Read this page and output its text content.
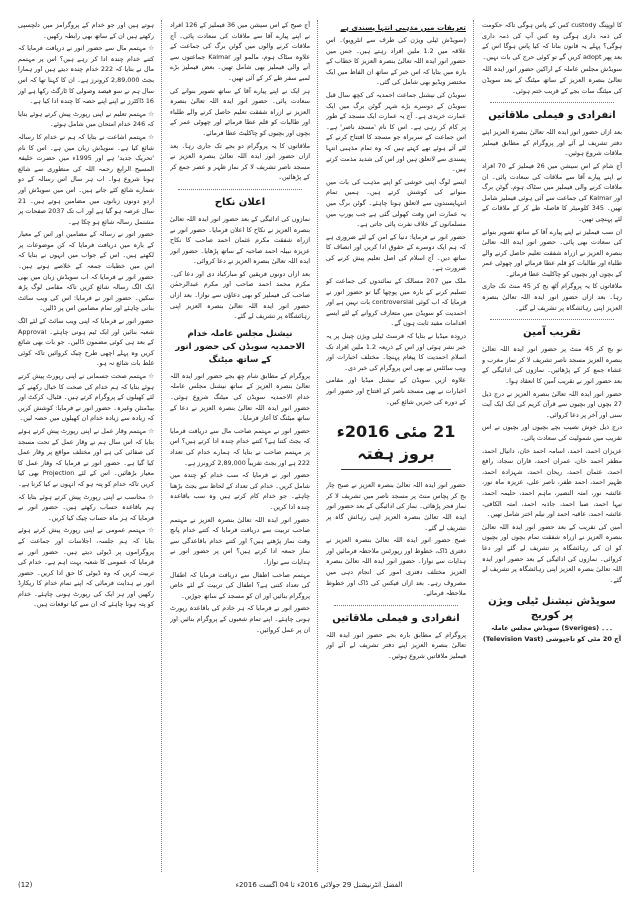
کا اوپنِنگ custody کس کے پاس ہوگی تاکہ حکومت کی ذمہ داری ہوگی وہ کس آپ کی ذمہ داری ہوگی؟ پہلے یہ قانون بنانا کہ کیا پاس ہوگا اس کے بعد پھر adopt کریں گے تو کوئی حرج کی بات نہیں۔

سویڈش مجلس عاملہ کے اراکین حضور انور ایدہ اللہ تعالیٰ بنصرہ العزیز کے ساتھ میٹنگ کے بعد سویڈن کی میٹنگ سات بجے کے قریب ختم ہوئی۔

انفرادی و فیملی ملاقاتیں

بعد ازاں حضور انور ایدہ اللہ تعالیٰ بنصرہ العزیز اپنے دفتر تشریف لے آئے اور پروگرام کے مطابق فیملیز ملاقات شروع ہوئیں۔

آج شام کے اس سیشن میں 26 فیملیز کے 70 افراد نے اپنے پیارے آقا سے ملاقات کی سعادت پائی۔ ان ملاقات کرنے والی فیملیز میں سٹاک ہوم، گوٹن برگ اور Kalmar کی جماعت سے آئی ہوئی فیملیز شامل تھیں۔ 345 کلومیٹر کا فاصلہ طے کر کے ملاقات کے لئے پہنچی تھیں۔

ان سب فیملیز نے اپنے پیارے آقا کے ساتھ تصویر بنوانے کی سعادت بھی پائی۔ حضور انور ایدہ اللہ تعالیٰ بنصرہ العزیز نے ازراہ شفقت تعلیم حاصل کرنے والے طلباء اور طالبات کو قلم عطا فرمائے اور چھوٹی عمر کے بچوں اور بچیوں کو چاکلیٹ عطا فرمائے۔

ملاقاتوں کا یہ پروگرام آٹھ بج کر 45 منٹ تک جاری رہا۔ بعد ازاں حضور انور ایدہ اللہ تعالیٰ بنصرہ العزیز اپنی رہائشگاہ پر تشریف لے گئے۔

تقریب آمین

نو بج کر 45 منٹ پر حضور انور ایدہ اللہ تعالیٰ بنصرہ العزیز مسجد ناصر تشریف لا کر نماز مغرب و عشاء جمع کر کے پڑھائیں۔ نمازوں کی ادائیگی کے بعد حضور انور نے تقریب آمین کا انعقاد ہوا۔

حضور انور ایدہ اللہ تعالیٰ بنصرہ العزیز نے درج ذیل 27 بچوں اور بچیوں سے قرآن کریم کی ایک ایک آیت سنی اور آخر پر دعا کروائی۔

درج ذیل خوش نصیب بچے بچیوں اور بچیوں نے اس تقریب میں شمولیت کی سعادت پائی۔

عزیزان احمد، احمد، اسامہ احمد خان، دانیال احمد، مظفر احمد خان، عمران احمد، فاران سجاد، رافع احمد، عثمان احمد، ریحان احمد، شہزادہ احمد، ظہیر احمد، احمد ظفر، ناصر علی، عزیزہ ماہ نور، عائشہ نور، امتہ النصیر، ماہم احمد، حلیمہ احمد، نیہا احمد، صبا احمد، جاذبہ احمد، امتہ الکافی، عائشہ احمد، عاقبہ احمد اور نیلم اختر شامل تھیں۔

آمین کی تقریب کے بعد حضور انور ایدہ اللہ تعالیٰ بنصرہ العزیز نے ازراہ شفقت تمام بچوں اور بچیوں کو ان کی رہائشگاہ پر تشریف لے گئے اور دعا کروائی۔ نمازوں کی ادائیگی کے بعد حضور انور ایدہ اللہ تعالیٰ بنصرہ العزیز اپنی رہائشگاہ پر تشریف لے گئے۔

سویڈش نیشنل ٹیلی ویژن پر کوریج
سویڈش مجلس عاملہ (Sveriges) ۔۔۔
(Television Vast) آج 20 مئی کو تاجپوشی
تعریفات میں مذہبی انتہا پسندی ہے

(سویڈش ٹیلی ویژن کی طرف سے انٹرویو)۔ اس علاقہ میں 1.2 ملین افراد رہتے ہیں۔ جس میں حضور انور ایدہ اللہ تعالیٰ بنصرہ العزیز کا خطاب کے بارہ میں بتایا کہ اس خبر کے ساتھ ان الفاظ میں ایک مختصر ویڈیو بھی شامل کی گئی۔

سویڈن کی نیشنل جماعت احمدیہ کی کچھ سال قبل سویڈن کے دوسرے بڑے شہر گوٹن برگ میں ایک عمارت خریدی ہے۔ آج یہ عمارت ایک مسجد کے طور پر کام کر رہی ہے۔ اس کا نام 'مسجد ناصر' ہے۔ اس جماعت کے سربراہ جو مسجد کا افتتاح کرنے کے لئے آئے ہوئے تھے کہتے ہیں کہ وہ تمام مذہبی انتہا پسندی سے لاتعلق ہیں اور اس کی شدید مذمت کرتے ہیں۔

ایسے لوگ اپنی خوشی کو اپنے مذہب کی بات میں منوانے کی کوشش کرتے ہیں۔ ہمیں تمام انتہاپسندوں سے لاتعلق ہونا چاہئے۔ گوٹن برگ میں یہ عمارت اس وقت کھولی گئی ہے جب یورپ میں مسلمانوں کے خلاف نفرت پائی جاتی ہے۔

حضور انور نے فرمایا: دنیا کے امن کے لئے ضروری ہے کہ ہم ایک دوسرے کے حقوق ادا کریں اور انصاف کا ساتھ دیں۔ آج اسلام کی اصل تعلیم پیش کرنے کی ضرورت ہے۔

ملک میں 207 مسالک کے نمائندوں کی جماعت کو تسلیم کرنے کے بارہ میں پوچھا گیا تو حضور انور نے فرمایا کہ اب کوئی controversial بات نہیں ہے اور احمدیت کو سویڈن میں متعارف کروانے کے لئے ایسے اقدامات مفید ثابت ہوں گے۔

درودہ میڈیا نے بتایا کہ فرسٹ ٹیلی ویژن چینل پر یہ خبر نشر ہوئی اور اس کے ذریعہ 1.2 ملین افراد تک اسلام احمدیت کا پیغام پہنچا۔ مختلف اخبارات اور ویب سائٹس نے بھی اس پروگرام کی خبر دی۔

علاوہ ازیں سویڈن کے نیشنل میڈیا اور مقامی اخبارات نے بھی مسجد ناصر کے افتتاح اور حضور انور کے دورہ کی خبریں شائع کیں۔

21 مئی 2016ء بروز ہفتہ

حضور انور ایدہ اللہ تعالیٰ بنصرہ العزیز نے صبح چار بج کر پچاس منٹ پر مسجد ناصر میں تشریف لا کر نماز فجر پڑھائی۔ نماز کی ادائیگی کے بعد حضور انور ایدہ اللہ تعالیٰ بنصرہ العزیز اپنی رہائش گاہ پر تشریف لے گئے۔

صبح حضور انور ایدہ اللہ تعالیٰ بنصرہ العزیز نے دفتری ڈاک، خطوط اور رپورٹس ملاحظہ فرمائیں اور ہدایات سے نوازا۔ حضور انور ایدہ اللہ تعالیٰ بنصرہ العزیز مختلف دفتری امور کی انجام دہی میں مصروف رہے۔ بعد ازاں فیکس کی ڈاک اور خطوط ملاحظہ فرمائے۔

انفرادی و فیملی ملاقاتیں

پروگرام کے مطابق بارہ بجے حضور انور ایدہ اللہ تعالیٰ بنصرہ العزیز اپنے دفتر تشریف لے آئے اور فیملیز ملاقاتیں شروع ہوئیں۔

آج صبح کے اس سیشن میں 36 فیملیز کے 126 افراد نے اپنے پیارے آقا سے ملاقات کی سعادت پائی۔ آج ملاقات کرنے والوں میں گوٹن برگ کی جماعت کے علاوہ سٹاک ہوم، مالمو اور Kalmar جماعتوں سے آنے والی فیملیز بھی شامل تھیں۔ بعض فیملیز بڑے لمبے سفر طے کر کے آئی تھیں۔

ہر ایک نے اپنے پیارے آقا کے ساتھ تصویر بنوانے کی سعادت پائی۔ حضور انور ایدہ اللہ تعالیٰ بنصرہ العزیز نے ازراہ شفقت تعلیم حاصل کرنے والے طلباء اور طالبات کو قلم عطا فرمائے اور چھوٹی عمر کے بچوں اور بچیوں کو چاکلیٹ عطا فرمائے۔

ملاقاتوں کا یہ پروگرام دو بجے تک جاری رہا۔ بعد ازاں حضور انور ایدہ اللہ تعالیٰ بنصرہ العزیز نے مسجد ناصر تشریف لا کر نماز ظہر و عصر جمع کر کے پڑھائیں۔

اعلان نکاح

نمازوں کی ادائیگی کے بعد حضور انور ایدہ اللہ تعالیٰ بنصرہ العزیز نے نکاح کا اعلان فرمایا۔ حضور انور نے ازراہ شفقت مکرم عثمان احمد صاحب کا نکاح عزیزہ نبیلہ احمد صاحبہ کے ساتھ پڑھایا۔ حضور انور ایدہ اللہ تعالیٰ بنصرہ العزیز نے دعا کروائی۔

بعد ازاں دونوں فریقین کو مبارکباد دی اور دعا کی۔ مکرم محمد احمد صاحب اور مکرم عبدالرحمٰن صاحب کی فیملیز کو بھی دعاؤں سے نوازا۔ بعد ازاں حضور انور ایدہ اللہ تعالیٰ بنصرہ العزیز اپنی رہائشگاہ پر تشریف لے گئے۔

نیشنل مجلس عاملہ خدام الاحمدیہ سویڈن کی حضور انور کے ساتھ میٹنگ

پروگرام کے مطابق شام چھ بجے حضور انور ایدہ اللہ تعالیٰ بنصرہ العزیز کے ساتھ نیشنل مجلس عاملہ خدام الاحمدیہ سویڈن کی میٹنگ شروع ہوئی۔ حضور انور ایدہ اللہ تعالیٰ بنصرہ العزیز نے دعا کے ساتھ میٹنگ کا آغاز فرمایا۔

حضور انور نے مہتمم صاحب مال سے دریافت فرمایا کہ بجٹ کتنا ہے؟ کتنے خدام چندہ ادا کرتے ہیں؟ اس پر مہتمم صاحب نے بتایا کہ ہمارے خدام کی تعداد 222 ہے اور بجٹ تقریباً 2,89,000 کرونرز ہے۔

حضور انور نے فرمایا کہ سب خدام کو چندہ میں شامل کریں۔ خدام کی تعداد کے لحاظ سے بجٹ بڑھنا چاہئے۔ جو خدام کام کرتے ہیں وہ سب باقاعدہ چندہ ادا کریں۔

حضور انور ایدہ اللہ تعالیٰ بنصرہ العزیز نے مہتمم صاحب تربیت سے دریافت فرمایا کہ کتنے خدام پانچ وقت نماز پڑھتے ہیں؟ اور کتنے خدام باقاعدگی سے نماز جمعہ ادا کرتے ہیں؟ اس پر حضور انور نے ہدایات سے نوازا۔

مہتمم صاحب اطفال سے دریافت فرمایا کہ اطفال کی تعداد کتنی ہے؟ اطفال کی تربیت کے لئے خاص پروگرام بنائیں اور ان کو مسجد کے ساتھ جوڑیں۔

حضور انور نے فرمایا کہ ہر خادم کی باقاعدہ رپورٹ ہونی چاہئے۔ اپنے تمام شعبوں کے پروگرام بنائیں اور ان پر عمل کروائیں۔

ہوتے ہیں اور جو خدام کے پروگرامز میں دلچسپی رکھتے ہیں ان کے ساتھ بھی رابطہ رکھیں۔

☆ مہتمم مال سے حضور انور نے دریافت فرمایا کہ کتنے خدام چندہ ادا کر رہے ہیں؟ اس پر مہتمم مال نے بتایا کہ 222 خدام چندہ دیتے ہیں اور ہمارا بجٹ 2,89,000 کرونرز ہے۔ ان کا کہنا تھا کہ اس سال ہم نے سو فیصد وصولی کا ٹارگٹ رکھا ہے اور 16 ڈاکٹرز نے اپنے اپنے حصہ کا چندہ ادا کیا ہے۔

☆ مہتمم تعلیم نے اپنی رپورٹ پیش کرتے ہوئے بتایا کہ 246 خدام امتحان میں شامل ہوئے۔

☆ مہتمم اشاعت نے بتایا کہ ہم نے خدام کا رسالہ شائع کیا ہے۔ سویڈش زبان میں ہے۔ اس کا نام 'تحریک جدید' ہے اور 1995ء میں حضرت خلیفۃ المسیح الرابع رحمہ اللہ کی منظوری سے شائع ہونا شروع ہوا۔ اب ہر سال اس رسالہ کے دو شمارے شائع کئے جاتے ہیں۔ اس میں سویڈش اور اردو دونوں زبانوں میں مضامین ہوتے ہیں۔ 21 سال عرصہ ہو گیا ہے اور اب تک 2037 صفحات پر مشتمل رسالہ شائع ہو چکا ہے۔

حضور انور نے رسالہ کے مضامین اور اس کے معیار کے بارہ میں دریافت فرمایا کہ کن موضوعات پر لکھتے ہیں۔ اس کے جواب میں انہوں نے بتایا کہ اس میں خطبات جمعہ کے خلاصے ہوتے ہیں۔ حضور انور نے فرمایا کہ اب سویڈش زبان میں بھی ایک الگ رسالہ شائع کریں تاکہ مقامی لوگ پڑھ سکیں۔ حضور انور نے فرمایا: اس کی ویب سائٹ بنانی چاہئے اور تمام مضامین اس پر ڈالیں۔

حضور انور نے فرمایا کہ اپنی ویب سائٹ کے لئے الگ شعبہ بنائیں اور ایک ٹیم ہونی چاہئے۔ Approval کے بعد ہی کوئی مضمون ڈالیں۔ جو بات بھی شائع کریں وہ پہلے اچھی طرح چیک کروائیں تاکہ کوئی غلط بات شائع نہ ہو۔

☆ مہتمم صحت جسمانی نے اپنی رپورٹ پیش کرتے ہوئے بتایا کہ ہم خدام کی صحت کا خیال رکھنے کے لئے کھیلوں کے پروگرام کرتے ہیں۔ فٹبال، کرکٹ اور بیڈمنٹن وغیرہ۔ حضور انور نے فرمایا: کوشش کریں کہ زیادہ سے زیادہ خدام ان کھیلوں میں حصہ لیں۔

☆ مہتمم وقار عمل نے اپنی رپورٹ پیش کرتے ہوئے بتایا کہ اس سال ہم نے وقار عمل کے تحت مسجد کی صفائی کی ہے اور مختلف مواقع پر وقار عمل کیا گیا ہے۔ حضور انور نے فرمایا کہ وقار عمل کا معیار بڑھائیں۔ اس کے لئے Projection بھی کیا کریں تاکہ خدام کو پتہ ہو کہ انہوں نے کیا کرنا ہے۔

☆ محاسب نے اپنی رپورٹ پیش کرتے ہوئے بتایا کہ ہم باقاعدہ حساب رکھتے ہیں۔ حضور انور نے فرمایا کہ ہر ماہ حساب چیک کیا کریں۔

☆ مہتمم عمومی نے اپنی رپورٹ پیش کرتے ہوئے بتایا کہ ہم جلسہ، اجلاسات اور جماعت کے پروگراموں پر ڈیوٹی دیتے ہیں۔ حضور انور نے فرمایا کہ عمومی کا شعبہ بہت اہم ہے۔ خدام کی تربیت کریں کہ وہ ڈیوٹی کا حق ادا کریں۔ حضور انور نے ہدایت فرمائی کہ اپنے تمام خدام کا ریکارڈ رکھیں اور ہر ایک کی رپورٹ ہونی چاہئے۔ خدام کو پتہ ہونا چاہئے کہ ان سے کیا توقعات ہیں۔

(12)	الفضل انٹرنیشنل 29 جولائی 2016ء تا 04 اگست 2016ء
